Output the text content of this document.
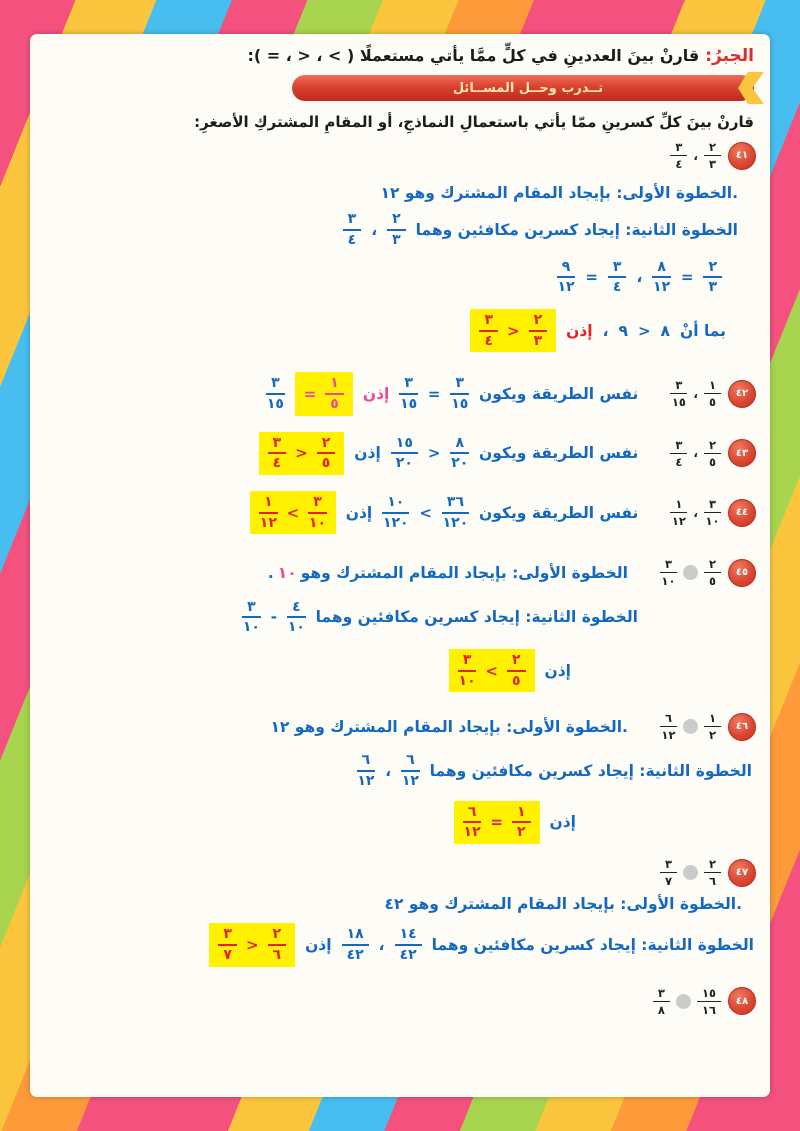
الجبرُ:
قارنْ بينَ العددينِ في كلٍّ ممَّا يأتي مستعملًا ( > ، < ، = ):
تــدرب وحــل المســائل
قارنْ بينَ كلِّ كسرينِ ممّا يأتي باستعمالِ النماذجِ، أو المقامِ المشتركِ الأصغرِ:
$\frac{٣}{٤}$ ، $\frac{٢}{٣}$	٤١
الخطوة الأولى: بإيجاد المقام المشترك وهو ١٢.
$\frac{٣}{٤}$ ، $\frac{٢}{٣}$ الخطوة الثانية: إيجاد كسرين مكافئين وهما
$\frac{٩}{١٢} = \frac{٣}{٤}$ ، $\frac{٨}{١٢} = \frac{٢}{٣}$
$\frac{٣}{٤} > \frac{٢}{٣}$ إذن ، ٩ > ٨ بما أنْ
$\frac{٣}{١٥} = \frac{١}{٥}$ إذن $\frac{٣}{١٥} = \frac{٣}{١٥}$ نفس الطريقة ويكون	$\frac{٣}{١٥}$ ، $\frac{١}{٥}$	٤٢
$\frac{٣}{٤} > \frac{٢}{٥}$ إذن $\frac{١٥}{٢٠} > \frac{٨}{٢٠}$ نفس الطريقة ويكون	$\frac{٣}{٤}$ ، $\frac{٢}{٥}$	٤٣
$\frac{١}{١٢} < \frac{٣}{١٠}$ إذن $\frac{١٠}{١٢٠} < \frac{٣٦}{١٢٠}$ نفس الطريقة ويكون	$\frac{١}{١٢}$ ، $\frac{٣}{١٠}$	٤٤
. ١٠ الخطوة الأولى: بإيجاد المقام المشترك وهو	$\frac{٣}{١٠} \frac{٢}{٥}$	٤٥
$\frac{٣}{١٠} - \frac{٤}{١٠}$ الخطوة الثانية: إيجاد كسرين مكافئين وهما
$\frac{٣}{١٠} < \frac{٢}{٥}$ إذن
الخطوة الأولى: بإيجاد المقام المشترك وهو ١٢.	$\frac{٦}{١٢} \frac{١}{٢}$	٤٦
$\frac{٦}{١٢}$ ، $\frac{٦}{١٢}$ الخطوة الثانية: إيجاد كسرين مكافئين وهما
$\frac{٦}{١٢} = \frac{١}{٢}$ إذن
$\frac{٣}{٧} \frac{٢}{٦}$	٤٧
الخطوة الأولى: بإيجاد المقام المشترك وهو ٤٢.
$\frac{٣}{٧} > \frac{٢}{٦}$ إذن $\frac{١٨}{٤٢}$ ، $\frac{١٤}{٤٢}$ الخطوة الثانية: إيجاد كسرين مكافئين وهما
$\frac{٣}{٨} \frac{١٥}{١٦}$	٤٨
